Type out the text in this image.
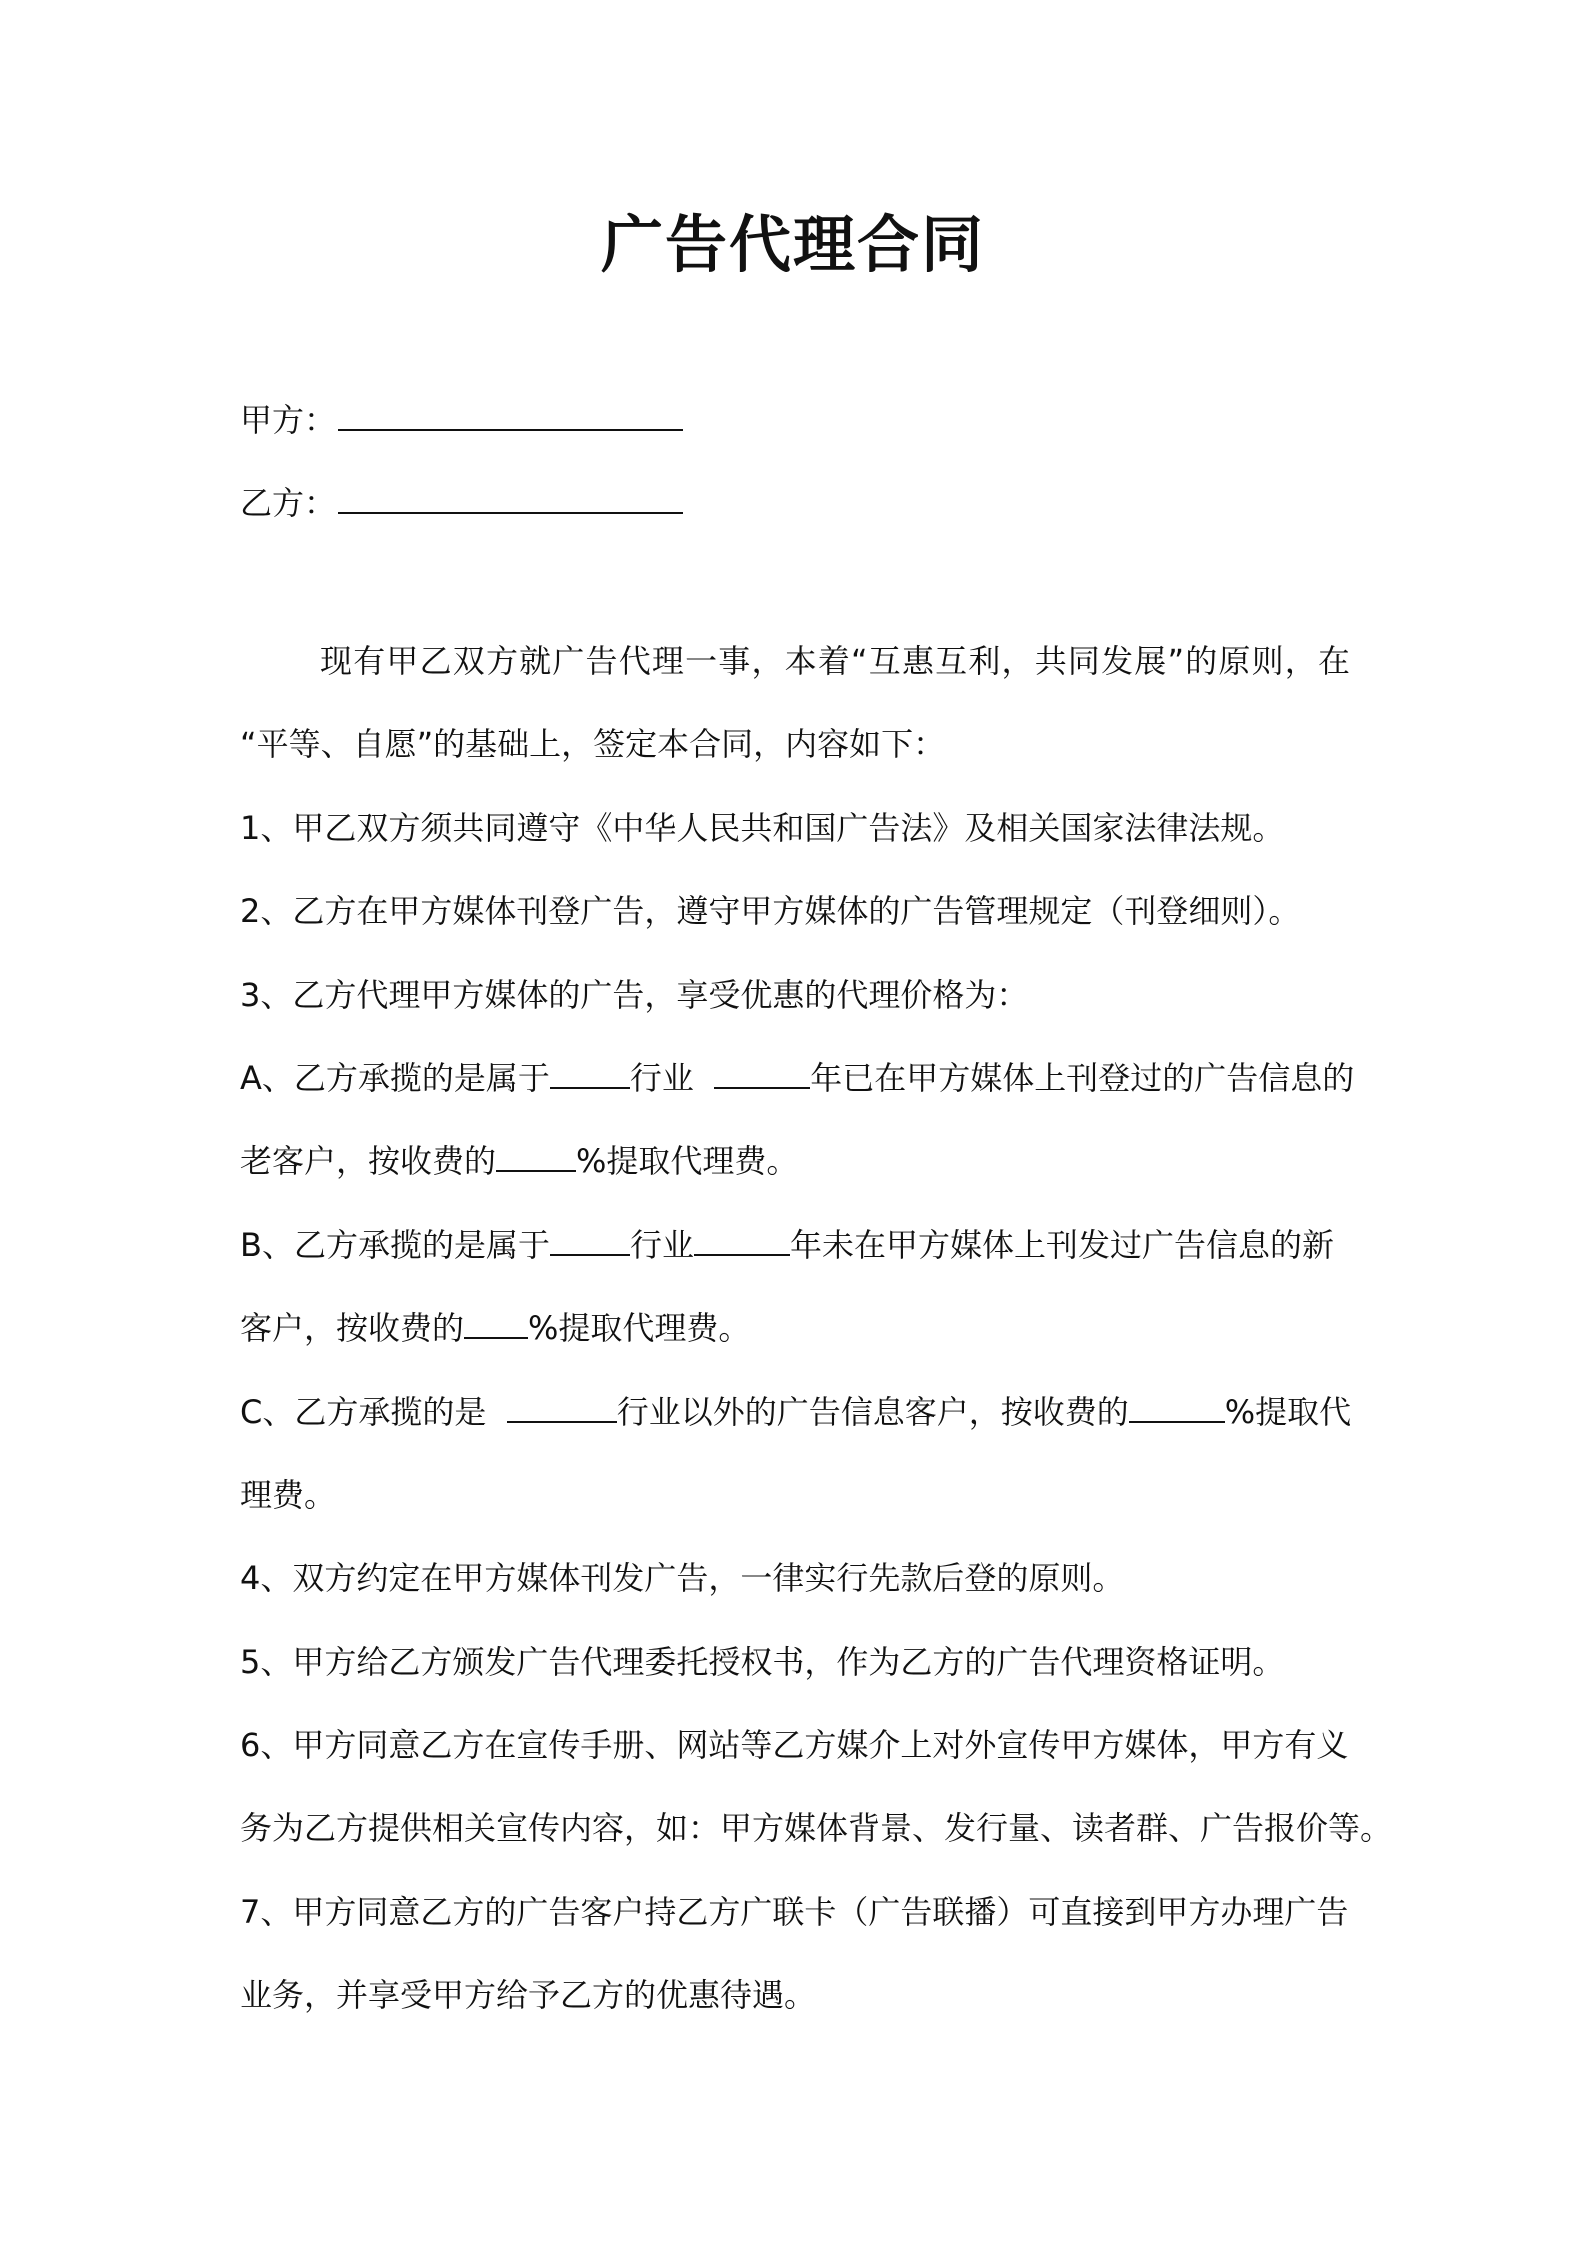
广告代理合同
甲方：
乙方：
现有甲乙双方就广告代理一事，本着“互惠互利，共同发展”的原则，在
“平等、自愿”的基础上，签定本合同，内容如下：
1、甲乙双方须共同遵守《中华人民共和国广告法》及相关国家法律法规。
2、乙方在甲方媒体刊登广告，遵守甲方媒体的广告管理规定（刊登细则）。
3、乙方代理甲方媒体的广告，享受优惠的代理价格为：
A、乙方承揽的是属于	行业	年已在甲方媒体上刊登过的广告信息的
老客户，按收费的	%提取代理费。
B、乙方承揽的是属于	行业	年未在甲方媒体上刊发过广告信息的新
客户，按收费的 %提取代理费。
C、乙方承揽的是	行业以外的广告信息客户，按收费的	%提取代
理费。
4、双方约定在甲方媒体刊发广告，一律实行先款后登的原则。
5、甲方给乙方颁发广告代理委托授权书，作为乙方的广告代理资格证明。
6、甲方同意乙方在宣传手册、网站等乙方媒介上对外宣传甲方媒体，甲方有义
务为乙方提供相关宣传内容，如：甲方媒体背景、发行量、读者群、广告报价等。
7、甲方同意乙方的广告客户持乙方广联卡（广告联播）可直接到甲方办理广告
业务，并享受甲方给予乙方的优惠待遇。
